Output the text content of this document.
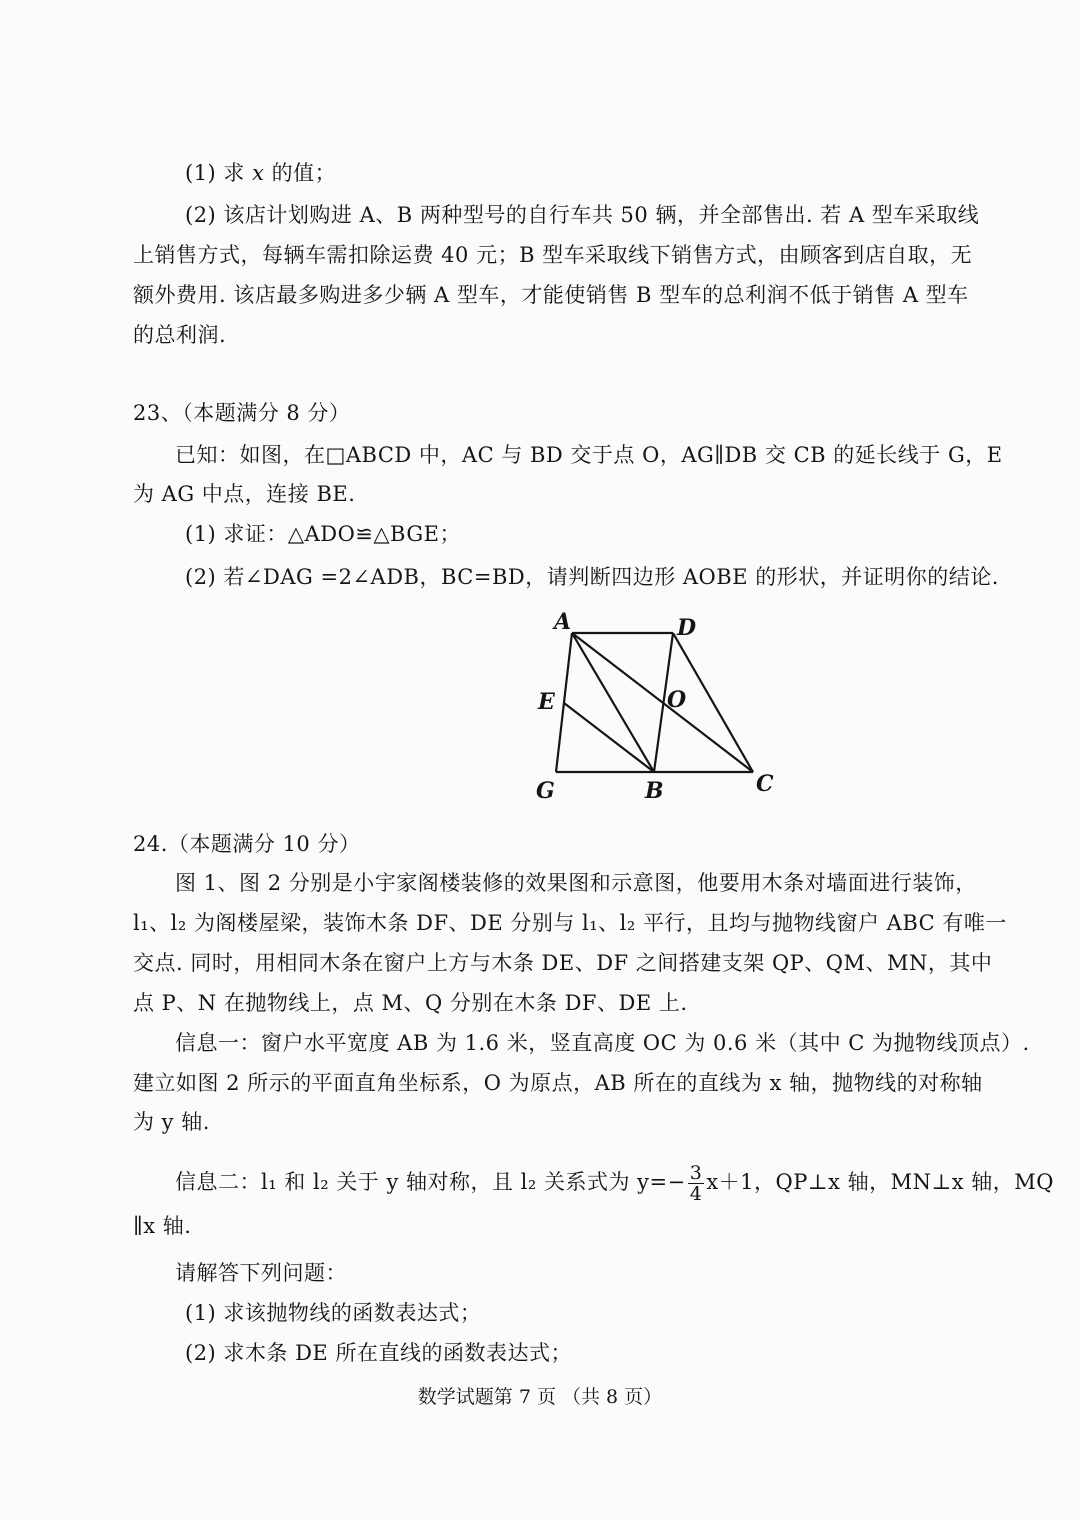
(1) 求 x 的值；
(2) 该店计划购进 A、B 两种型号的自行车共 50 辆，并全部售出. 若 A 型车采取线
上销售方式，每辆车需扣除运费 40 元；B 型车采取线下销售方式，由顾客到店自取，无
额外费用. 该店最多购进多少辆 A 型车，才能使销售 B 型车的总利润不低于销售 A 型车
的总利润.
23、（本题满分 8 分）
已知：如图，在□ABCD 中，AC 与 BD 交于点 O，AG∥DB 交 CB 的延长线于 G，E
为 AG 中点，连接 BE.
(1) 求证：△ADO≌△BGE；
(2) 若∠DAG =2∠ADB，BC=BD，请判断四边形 AOBE 的形状，并证明你的结论.
A	D
E	O
G	B	C
24.（本题满分 10 分）
图 1、图 2 分别是小宇家阁楼装修的效果图和示意图，他要用木条对墙面进行装饰，
l₁、l₂ 为阁楼屋梁，装饰木条 DF、DE 分别与 l₁、l₂ 平行，且均与抛物线窗户 ABC 有唯一
交点. 同时，用相同木条在窗户上方与木条 DE、DF 之间搭建支架 QP、QM、MN，其中
点 P、N 在抛物线上，点 M、Q 分别在木条 DF、DE 上.
信息一：窗户水平宽度 AB 为 1.6 米，竖直高度 OC 为 0.6 米（其中 C 为抛物线顶点）.
建立如图 2 所示的平面直角坐标系，O 为原点，AB 所在的直线为 x 轴，抛物线的对称轴
为 y 轴.
信息二：l₁ 和 l₂ 关于 y 轴对称，且 l₂ 关系式为 $y=- \frac{3}{4} x+1$，QP⊥x 轴，MN⊥x 轴，MQ
∥x 轴.
请解答下列问题：
(1) 求该抛物线的函数表达式；
(2) 求木条 DE 所在直线的函数表达式；
数学试题第 7 页 （共 8 页）
